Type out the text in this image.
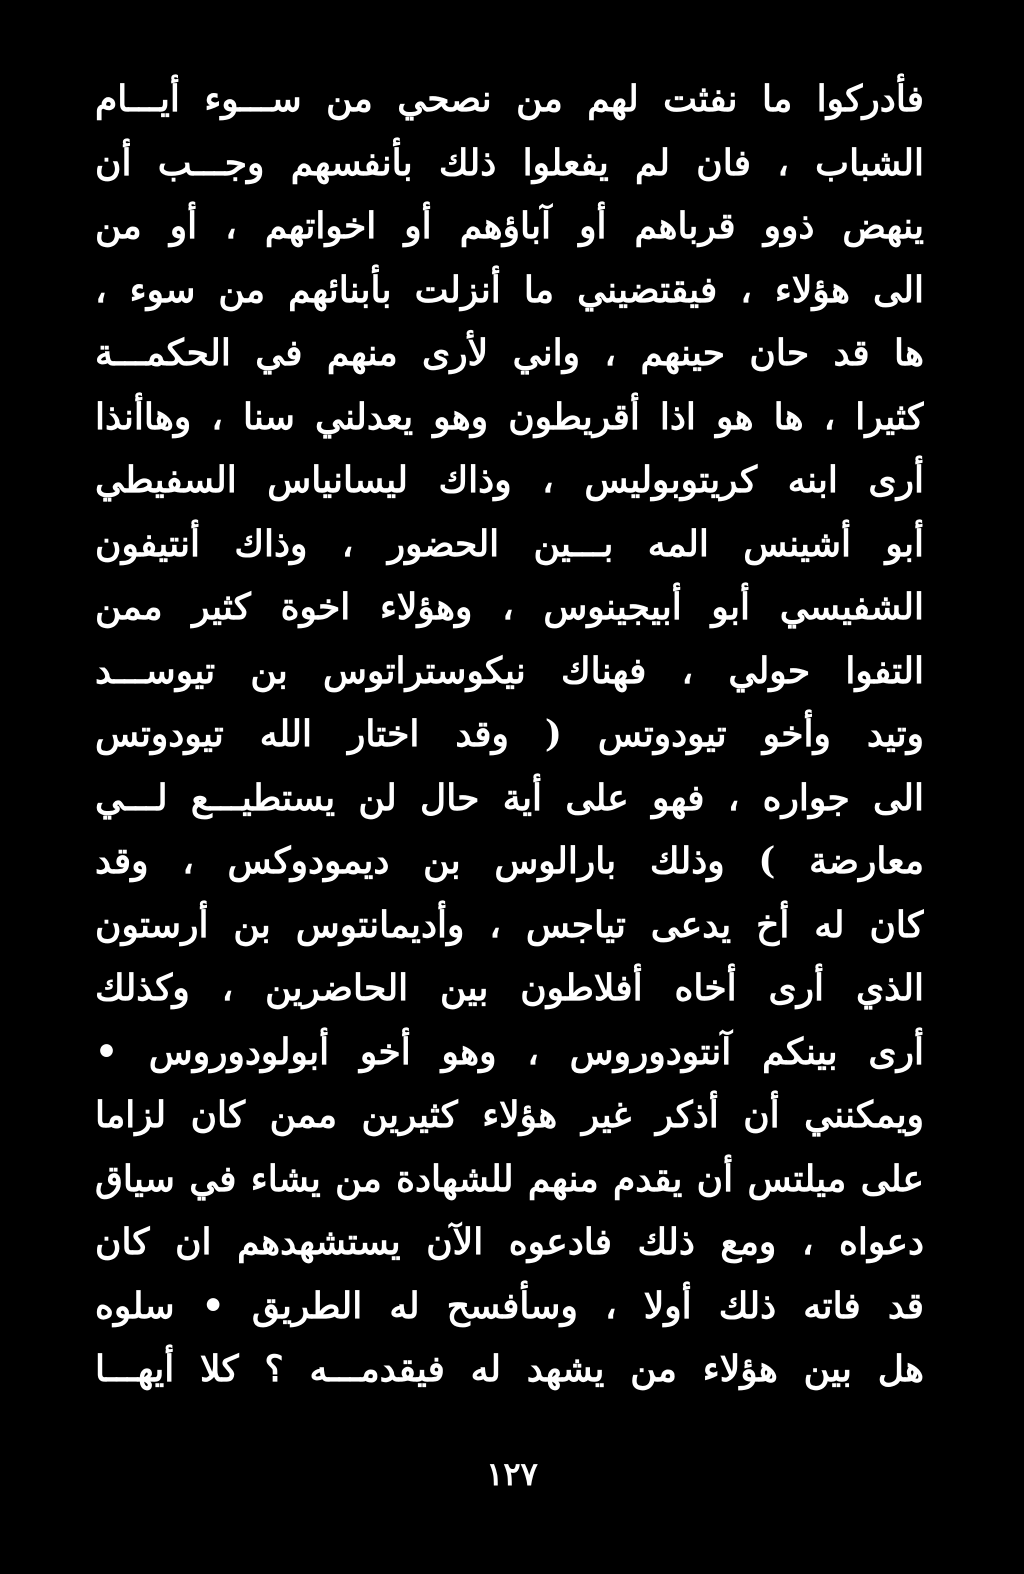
فأدركوا ما نفثت لهم من نصحي من ســـوء أيـــام
الشباب ، فان لم يفعلوا ذلك بأنفسهم وجـــب أن
ينهض ذوو قرباهم أو آباؤهم أو اخواتهم ، أو من
الى هؤلاء ، فيقتضيني ما أنزلت بأبنائهم من سوء ،
ها قد حان حينهم ، واني لأرى منهم في الحكمـــة
كثيرا ، ها هو اذا أقريطون وهو يعدلني سنا ، وهاأنذا
أرى ابنه كريتوبوليس ، وذاك ليسانياس السفيطي
أبو أشينس المه بـــين الحضور ، وذاك أنتيفون
الشفيسي أبو أبيجينوس ، وهؤلاء اخوة كثير ممن
التفوا حولي ، فهناك نيكوستراتوس بن تيوســـد
وتيد وأخو تيودوتس ( وقد اختار الله تيودوتس
الى جواره ، فهو على أية حال لن يستطيـــع لـــي
معارضة ) وذلك بارالوس بن ديمودوكس ، وقد
كان له أخ يدعى تياجس ، وأديمانتوس بن أرستون
الذي أرى أخاه أفلاطون بين الحاضرين ، وكذلك
أرى بينكم آنتودوروس ، وهو أخو أبولودوروس •
ويمكنني أن أذكر غير هؤلاء كثيرين ممن كان لزاما
على ميلتس أن يقدم منهم للشهادة من يشاء في سياق
دعواه ، ومع ذلك فادعوه الآن يستشهدهم ان كان
قد فاته ذلك أولا ، وسأفسح له الطريق • سلوه
هل بين هؤلاء من يشهد له فيقدمـــه ؟ كلا أيهـــا
١٢٧
